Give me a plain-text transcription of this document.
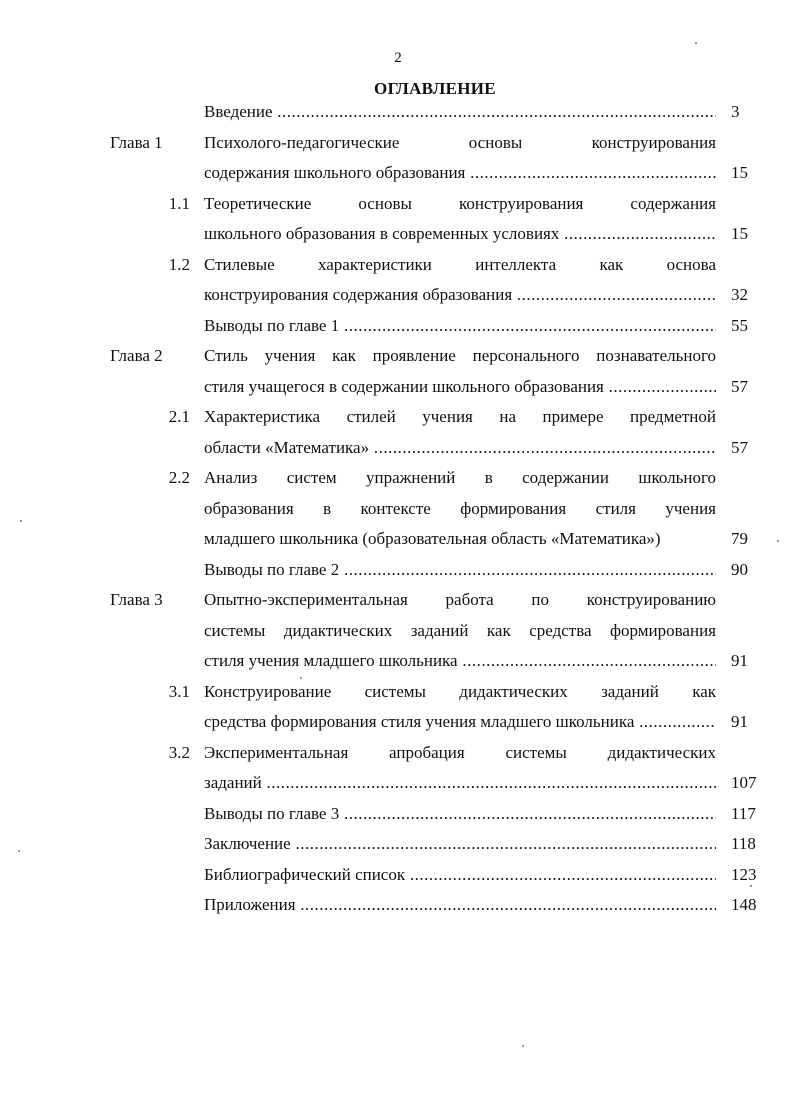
2
ОГЛАВЛЕНИЕ
Введение .....	3
Глава 1 Психолого-педагогические основы конструирования
содержания школьного образования .....	15
1.1 Теоретические основы конструирования содержания
школьного образования в современных условиях .....	15
1.2 Стилевые характеристики интеллекта как основа
конструирования содержания образования .....	32
Выводы по главе 1 .....	55
Глава 2 Стиль учения как проявление персонального познавательного
стиля учащегося в содержании школьного образования .....	57
2.1 Характеристика стилей учения на примере предметной
области «Математика» .....	57
2.2 Анализ систем упражнений в содержании школьного
образования в контексте формирования стиля учения
младшего школьника (образовательная область «Математика»)	79
Выводы по главе 2 .....	90
Глава 3 Опытно-экспериментальная работа по конструированию
системы дидактических заданий как средства формирования
стиля учения младшего школьника .....	91
3.1 Конструирование системы дидактических заданий как
средства формирования стиля учения младшего школьника .....	91
3.2 Экспериментальная апробация системы дидактических
заданий .....	107
Выводы по главе 3 .....	117
Заключение .....	118
Библиографический список .....	123
Приложения .....	148
